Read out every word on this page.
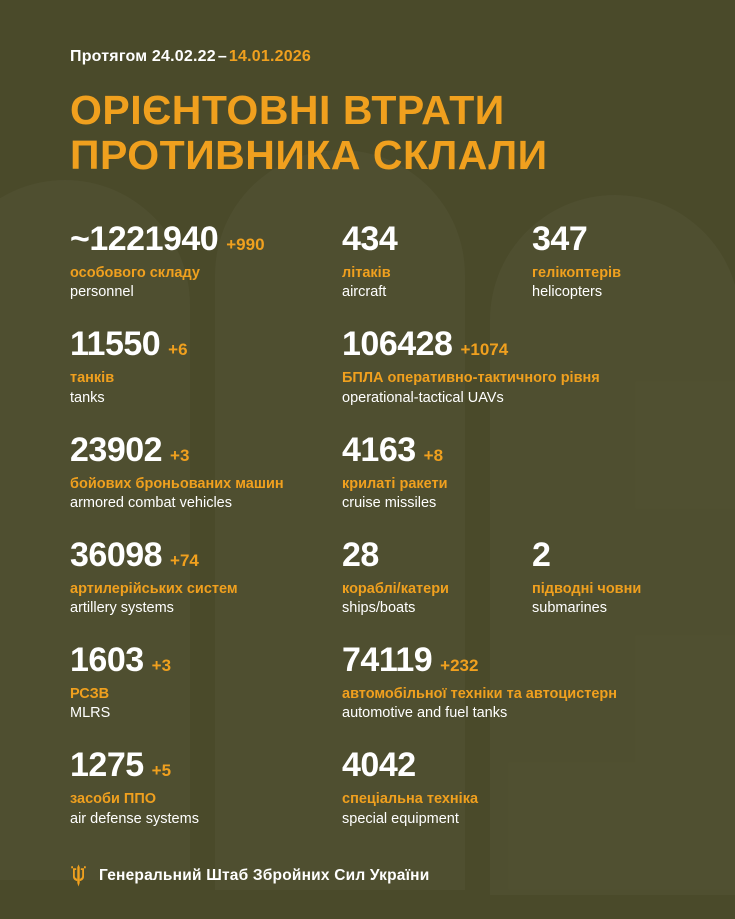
Протягом 24.02.22 – 14.01.2026
ОРІЄНТОВНІ ВТРАТИ
ПРОТИВНИКА СКЛАЛИ
~1221940 +990
особового складу
personnel
434
літаків
aircraft
347
гелікоптерів
helicopters
11550 +6
танків
tanks
106428 +1074
БПЛА оперативно-тактичного рівня
operational-tactical UAVs
23902 +3
бойових броньованих машин
armored combat vehicles
4163 +8
крилаті ракети
cruise missiles
36098 +74
артилерійських систем
artillery systems
28
кораблі/катери
ships/boats
2
підводні човни
submarines
1603 +3
РСЗВ
MLRS
74119 +232
автомобільної техніки та автоцистерн
automotive and fuel tanks
1275 +5
засоби ППО
air defense systems
4042
спеціальна техніка
special equipment
Генеральний Штаб Збройних Сил України
